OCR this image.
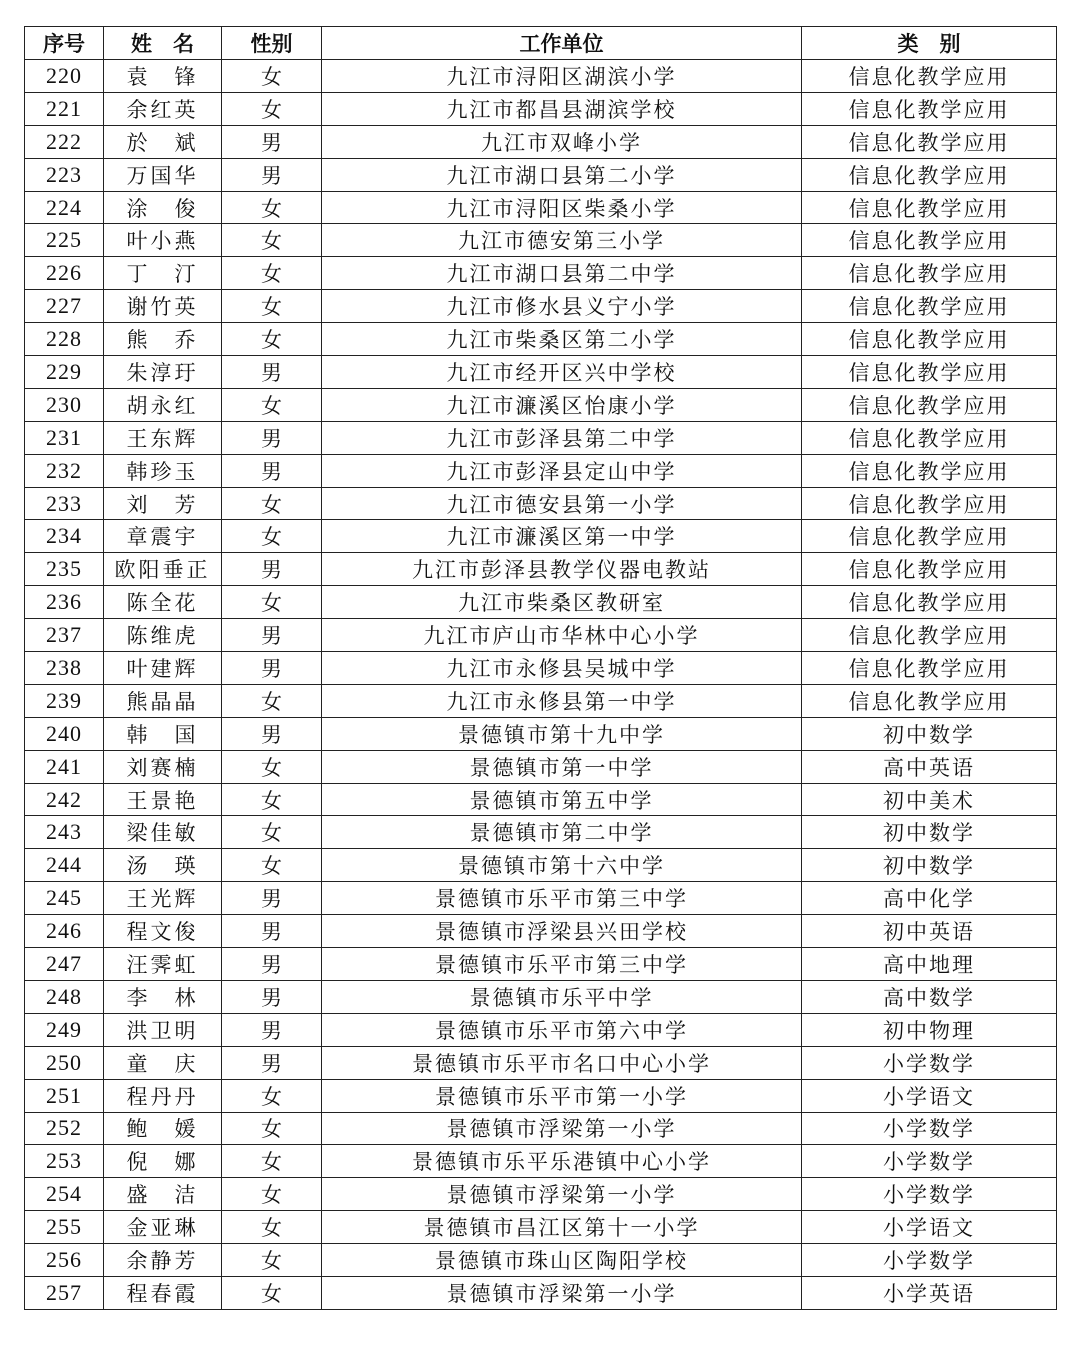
序号	姓　名	性别	工作单位	类　别
220	袁　锋	女	九江市浔阳区湖滨小学	信息化教学应用
221	余红英	女	九江市都昌县湖滨学校	信息化教学应用
222	於　斌	男	九江市双峰小学	信息化教学应用
223	万国华	男	九江市湖口县第二小学	信息化教学应用
224	涂　俊	女	九江市浔阳区柴桑小学	信息化教学应用
225	叶小燕	女	九江市德安第三小学	信息化教学应用
226	丁　汀	女	九江市湖口县第二中学	信息化教学应用
227	谢竹英	女	九江市修水县义宁小学	信息化教学应用
228	熊　乔	女	九江市柴桑区第二小学	信息化教学应用
229	朱淳玗	男	九江市经开区兴中学校	信息化教学应用
230	胡永红	女	九江市濂溪区怡康小学	信息化教学应用
231	王东辉	男	九江市彭泽县第二中学	信息化教学应用
232	韩珍玉	男	九江市彭泽县定山中学	信息化教学应用
233	刘　芳	女	九江市德安县第一小学	信息化教学应用
234	章震宇	女	九江市濂溪区第一中学	信息化教学应用
235	欧阳垂正	男	九江市彭泽县教学仪器电教站	信息化教学应用
236	陈全花	女	九江市柴桑区教研室	信息化教学应用
237	陈维虎	男	九江市庐山市华林中心小学	信息化教学应用
238	叶建辉	男	九江市永修县吴城中学	信息化教学应用
239	熊晶晶	女	九江市永修县第一中学	信息化教学应用
240	韩　国	男	景德镇市第十九中学	初中数学
241	刘赛楠	女	景德镇市第一中学	高中英语
242	王景艳	女	景德镇市第五中学	初中美术
243	梁佳敏	女	景德镇市第二中学	初中数学
244	汤　瑛	女	景德镇市第十六中学	初中数学
245	王光辉	男	景德镇市乐平市第三中学	高中化学
246	程文俊	男	景德镇市浮梁县兴田学校	初中英语
247	汪霁虹	男	景德镇市乐平市第三中学	高中地理
248	李　林	男	景德镇市乐平中学	高中数学
249	洪卫明	男	景德镇市乐平市第六中学	初中物理
250	童　庆	男	景德镇市乐平市名口中心小学	小学数学
251	程丹丹	女	景德镇市乐平市第一小学	小学语文
252	鲍　媛	女	景德镇市浮梁第一小学	小学数学
253	倪　娜	女	景德镇市乐平乐港镇中心小学	小学数学
254	盛　洁	女	景德镇市浮梁第一小学	小学数学
255	金亚琳	女	景德镇市昌江区第十一小学	小学语文
256	余静芳	女	景德镇市珠山区陶阳学校	小学数学
257	程春霞	女	景德镇市浮梁第一小学	小学英语
